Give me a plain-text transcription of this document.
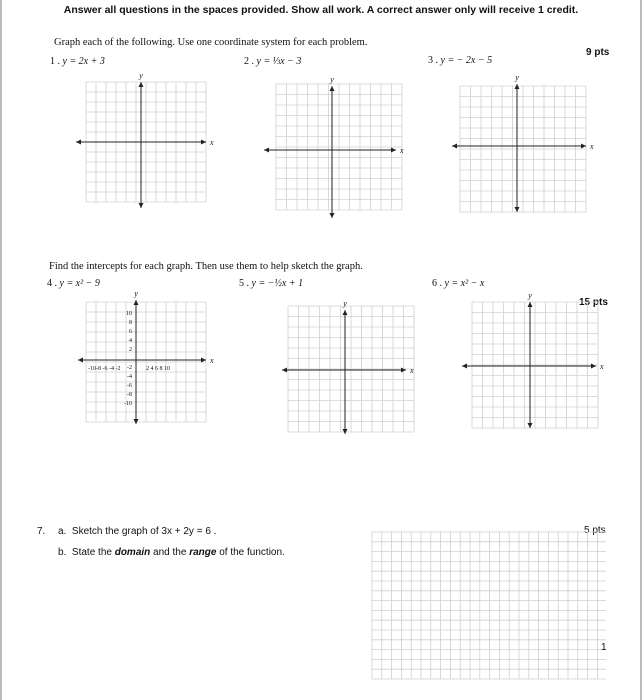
Answer all questions in the spaces provided. Show all work. A correct answer only will receive 1 credit.
Graph each of the following. Use one coordinate system for each problem.
9 pts
1 . y = 2x + 3	2 . y = ⅓x − 3	3 . y = − 2x − 5
Find the intercepts for each graph. Then use them to help sketch the graph.
15 pts
4 . y = x² − 9	5 . y = −½x + 1	6 . y = x² − x
x
y
x
y
x
y
x
y
10
8
6
4
2
-2
-4
-6
-8
-10
-10-8 -6 -4 -2	2 4 6 8 10	x
y
x
y
7. a. Sketch the graph of 3x + 2y = 6 .
b. State the domain and the range of the function.
5 pts
1
